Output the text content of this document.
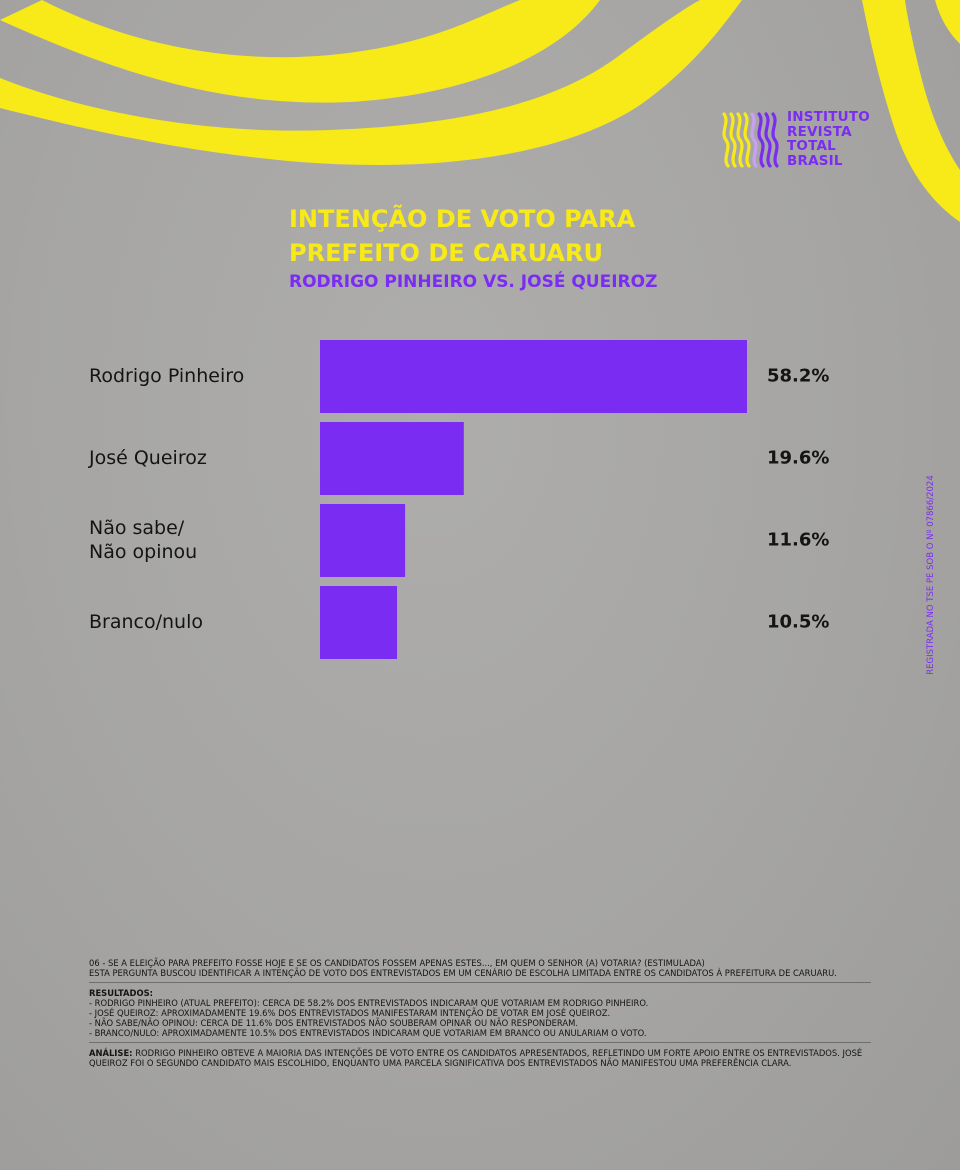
INSTITUTO
REVISTA
TOTAL
BRASIL
INTENÇÃO DE VOTO PARA
PREFEITO DE CARUARU
RODRIGO PINHEIRO VS. JOSÉ QUEIROZ
Rodrigo Pinheiro	58.2%
José Queiroz	19.6%
Não sabe/
Não opinou
11.6%
Branco/nulo	10.5%	REGISTRADA NO TSE PE SOB O Nº 07866/2024
06 - SE A ELEIÇÃO PARA PREFEITO FOSSE HOJE E SE OS CANDIDATOS FOSSEM APENAS ESTES..., EM QUEM O SENHOR (A) VOTARIA? (ESTIMULADA)
ESTA PERGUNTA BUSCOU IDENTIFICAR A INTENÇÃO DE VOTO DOS ENTREVISTADOS EM UM CENÁRIO DE ESCOLHA LIMITADA ENTRE OS CANDIDATOS À PREFEITURA DE CARUARU.
RESULTADOS:
- RODRIGO PINHEIRO (ATUAL PREFEITO): CERCA DE 58.2% DOS ENTREVISTADOS INDICARAM QUE VOTARIAM EM RODRIGO PINHEIRO.
- JOSÉ QUEIROZ: APROXIMADAMENTE 19.6% DOS ENTREVISTADOS MANIFESTARAM INTENÇÃO DE VOTAR EM JOSÉ QUEIROZ.
- NÃO SABE/NÃO OPINOU: CERCA DE 11.6% DOS ENTREVISTADOS NÃO SOUBERAM OPINAR OU NÃO RESPONDERAM.
- BRANCO/NULO: APROXIMADAMENTE 10.5% DOS ENTREVISTADOS INDICARAM QUE VOTARIAM EM BRANCO OU ANULARIAM O VOTO.
ANÁLISE: RODRIGO PINHEIRO OBTEVE A MAIORIA DAS INTENÇÕES DE VOTO ENTRE OS CANDIDATOS APRESENTADOS, REFLETINDO UM FORTE APOIO ENTRE OS ENTREVISTADOS. JOSÉ QUEIROZ FOI O SEGUNDO CANDIDATO MAIS ESCOLHIDO, ENQUANTO UMA PARCELA SIGNIFICATIVA DOS ENTREVISTADOS NÃO MANIFESTOU UMA PREFERÊNCIA CLARA.
